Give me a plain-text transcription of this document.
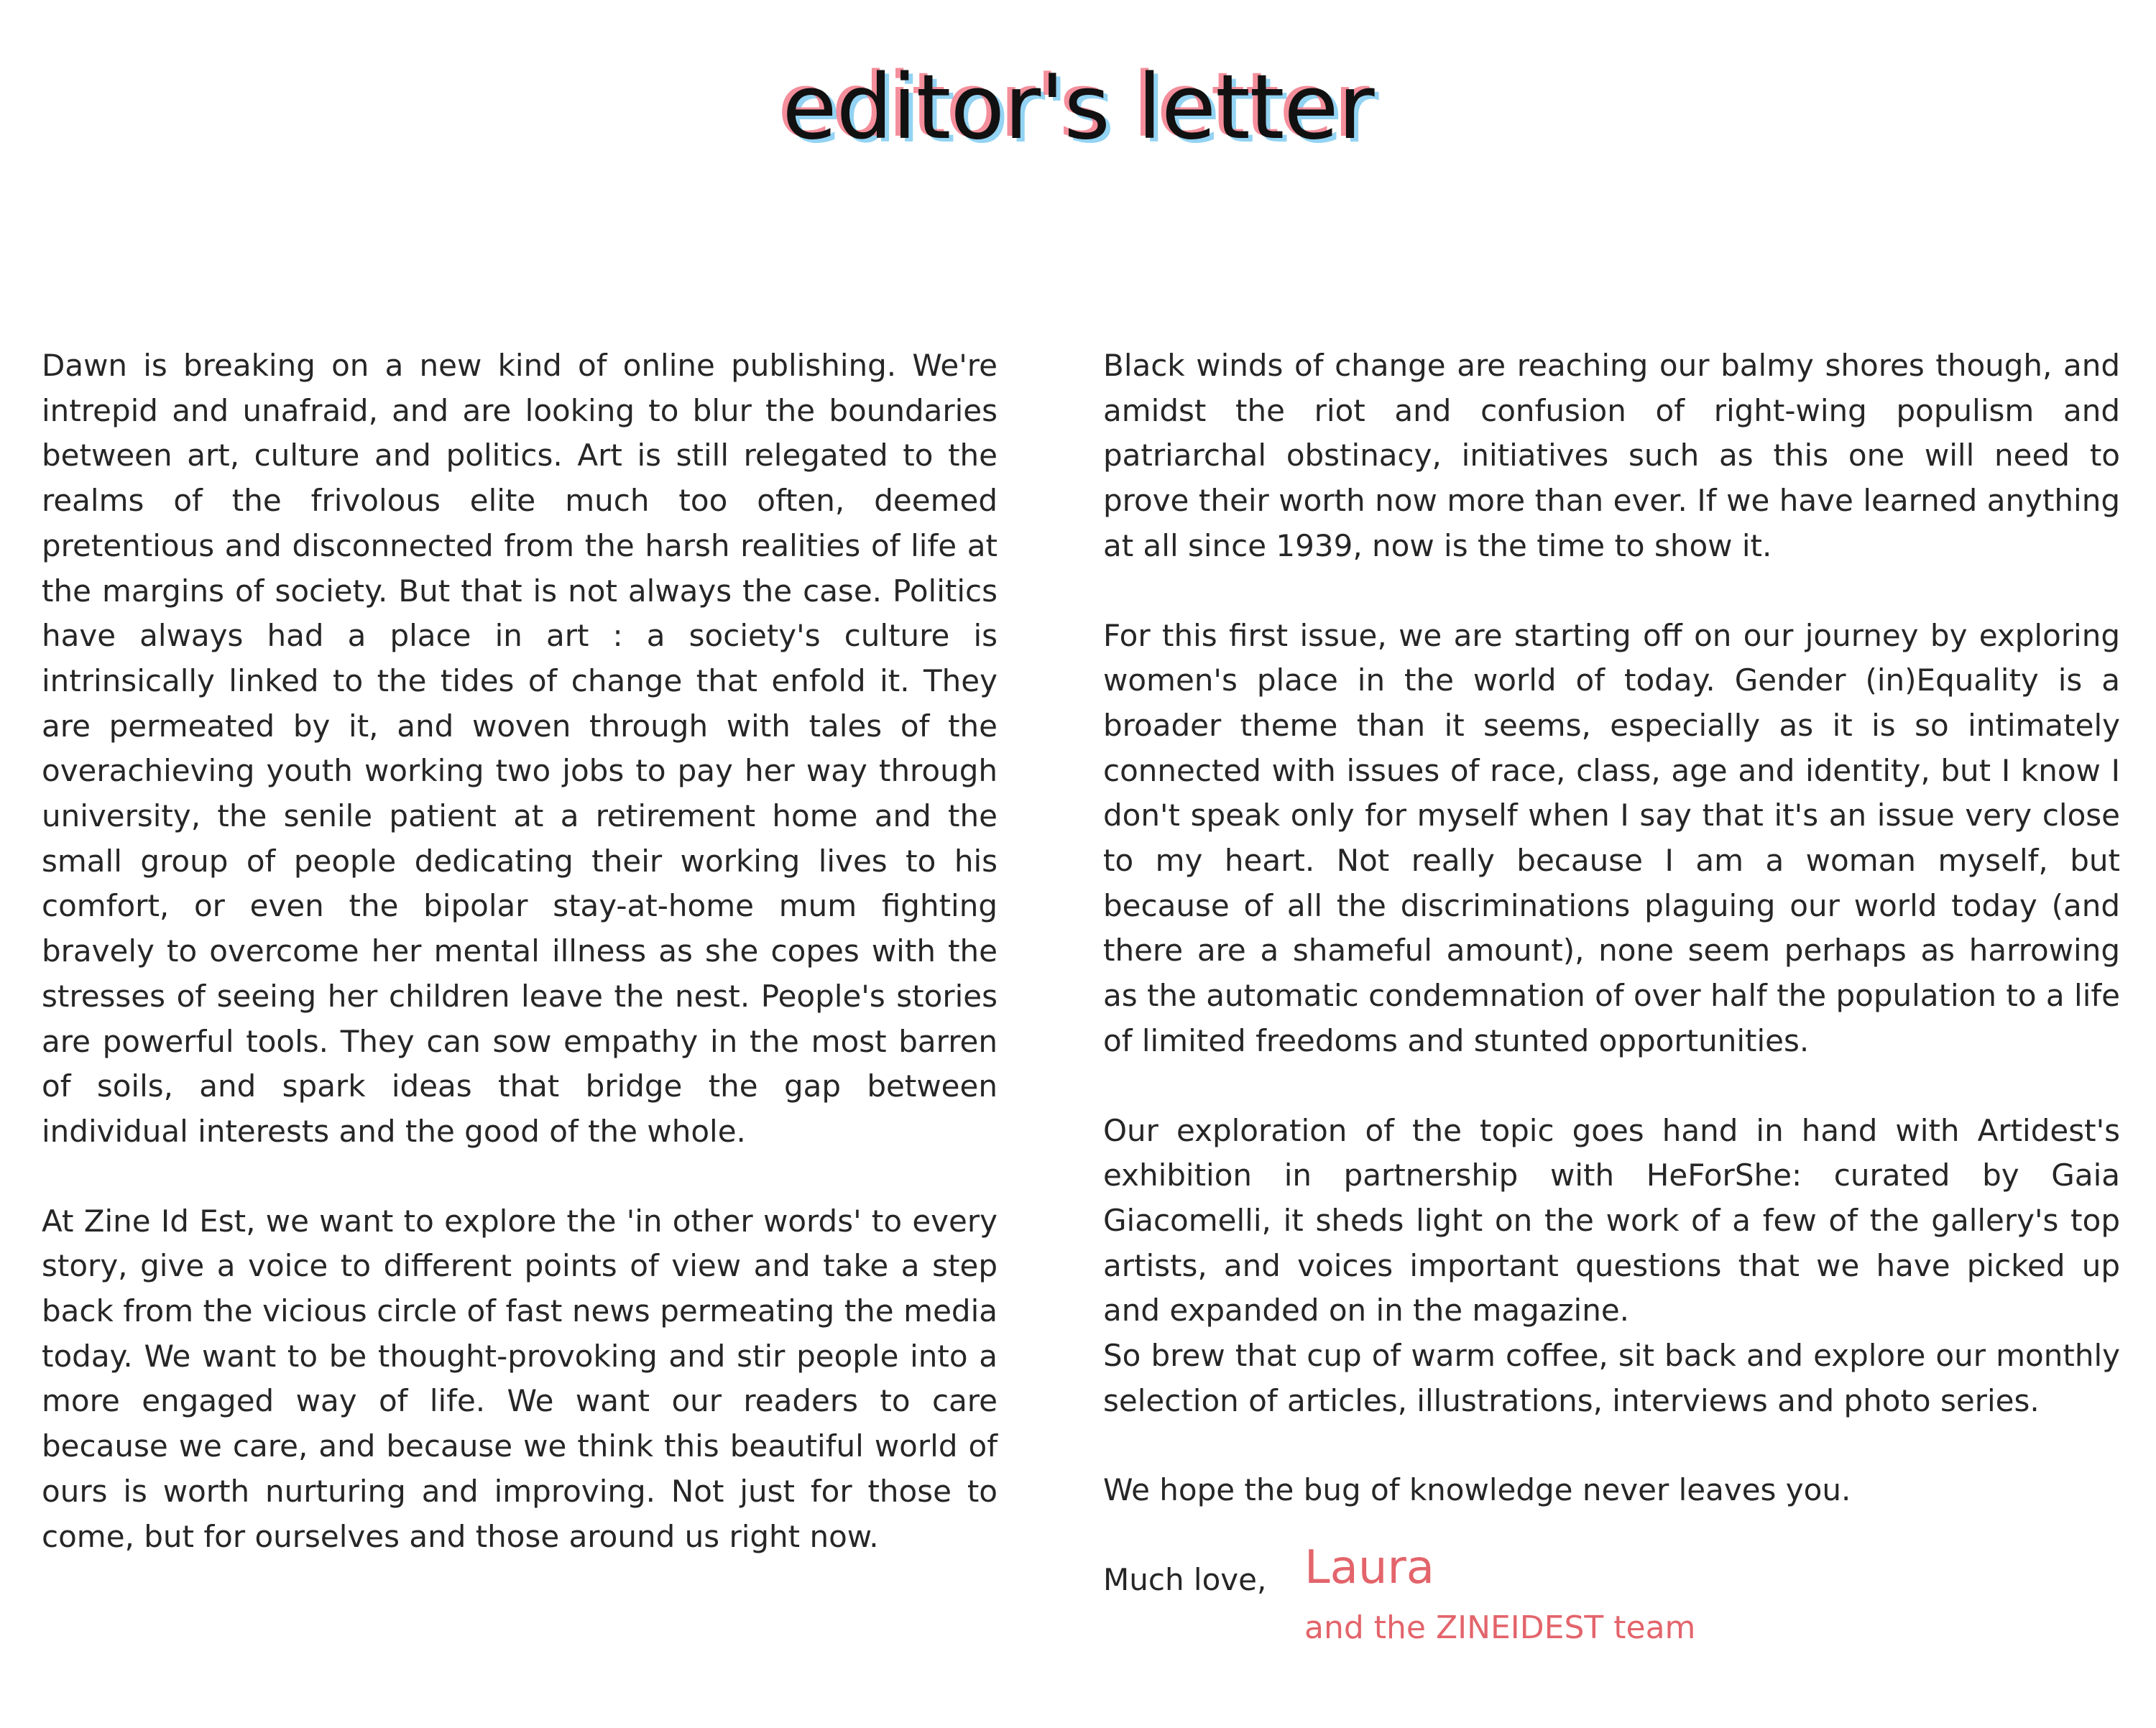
editor's letter

Dawn is breaking on a new kind of online publishing. We're intrepid and unafraid, and are looking to blur the boundaries between art, culture and politics. Art is still relegated to the realms of the frivolous elite much too often, deemed pretentious and disconnected from the harsh realities of life at the margins of society. But that is not always the case. Politics have always had a place in art : a society's culture is intrinsically linked to the tides of change that enfold it. They are permeated by it, and woven through with tales of the overachieving youth working two jobs to pay her way through university, the senile patient at a retirement home and the small group of people dedicating their working lives to his comfort, or even the bipolar stay-at-home mum fighting bravely to overcome her mental illness as she copes with the stresses of seeing her children leave the nest. People's stories are powerful tools. They can sow empathy in the most barren of soils, and spark ideas that bridge the gap between individual interests and the good of the whole.

At Zine Id Est, we want to explore the 'in other words' to every story, give a voice to different points of view and take a step back from the vicious circle of fast news permeating the media today. We want to be thought-provoking and stir people into a more engaged way of life. We want our readers to care because we care, and because we think this beautiful world of ours is worth nurturing and improving. Not just for those to come, but for ourselves and those around us right now.

Black winds of change are reaching our balmy shores though, and amidst the riot and confusion of right-wing populism and patriarchal obstinacy, initiatives such as this one will need to prove their worth now more than ever. If we have learned anything at all since 1939, now is the time to show it.

For this first issue, we are starting off on our journey by exploring women's place in the world of today. Gender (in)Equality is a broader theme than it seems, especially as it is so intimately connected with issues of race, class, age and identity, but I know I don't speak only for myself when I say that it's an issue very close to my heart. Not really because I am a woman myself, but because of all the discriminations plaguing our world today (and there are a shameful amount), none seem perhaps as harrowing as the automatic condemnation of over half the population to a life of limited freedoms and stunted opportunities.

Our exploration of the topic goes hand in hand with Artidest's exhibition in partnership with HeForShe: curated by Gaia Giacomelli, it sheds light on the work of a few of the gallery's top artists, and voices important questions that we have picked up and expanded on in the magazine.

So brew that cup of warm coffee, sit back and explore our monthly selection of articles, illustrations, interviews and photo series.

We hope the bug of knowledge never leaves you.

Much love, Laura
and the ZINEIDEST team
